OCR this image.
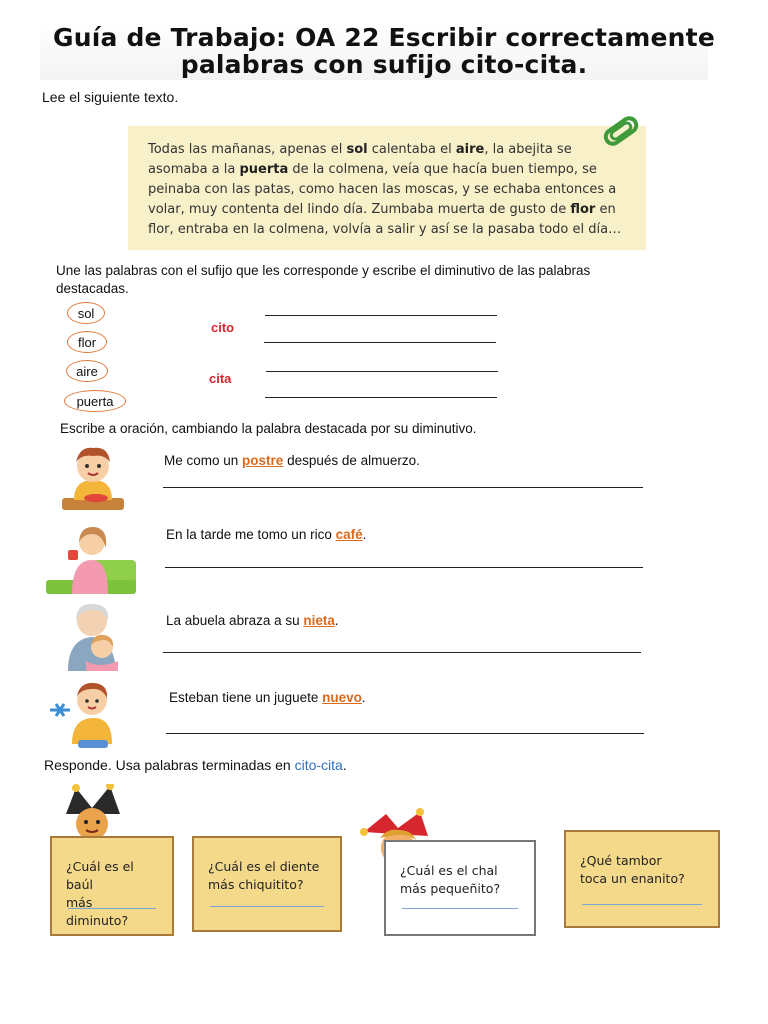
Guía de Trabajo: OA 22 Escribir correctamente
palabras con sufijo cito-cita.
Lee el siguiente texto.
Todas las mañanas, apenas el sol calentaba el aire, la abejita se
asomaba a la puerta de la colmena, veía que hacía buen tiempo, se
peinaba con las patas, como hacen las moscas, y se echaba entonces a
volar, muy contenta del lindo día. Zumbaba muerta de gusto de flor en
flor, entraba en la colmena, volvía a salir y así se la pasaba todo el día…
Une las palabras con el sufijo que les corresponde y escribe el diminutivo de las palabras
destacadas.
sol
flor
aire
puerta
cito
cita
Escribe a oración, cambiando la palabra destacada por su diminutivo.
Me como un postre después de almuerzo.
En la tarde me tomo un rico café.
La abuela abraza a su nieta.
Esteban tiene un juguete nuevo.
Responde. Usa palabras terminadas en cito-cita.
¿Cuál es el baúl
más diminuto?
¿Cuál es el diente
más chiquitito?
¿Cuál es el chal
más pequeñito?
¿Qué tambor
toca un enanito?
